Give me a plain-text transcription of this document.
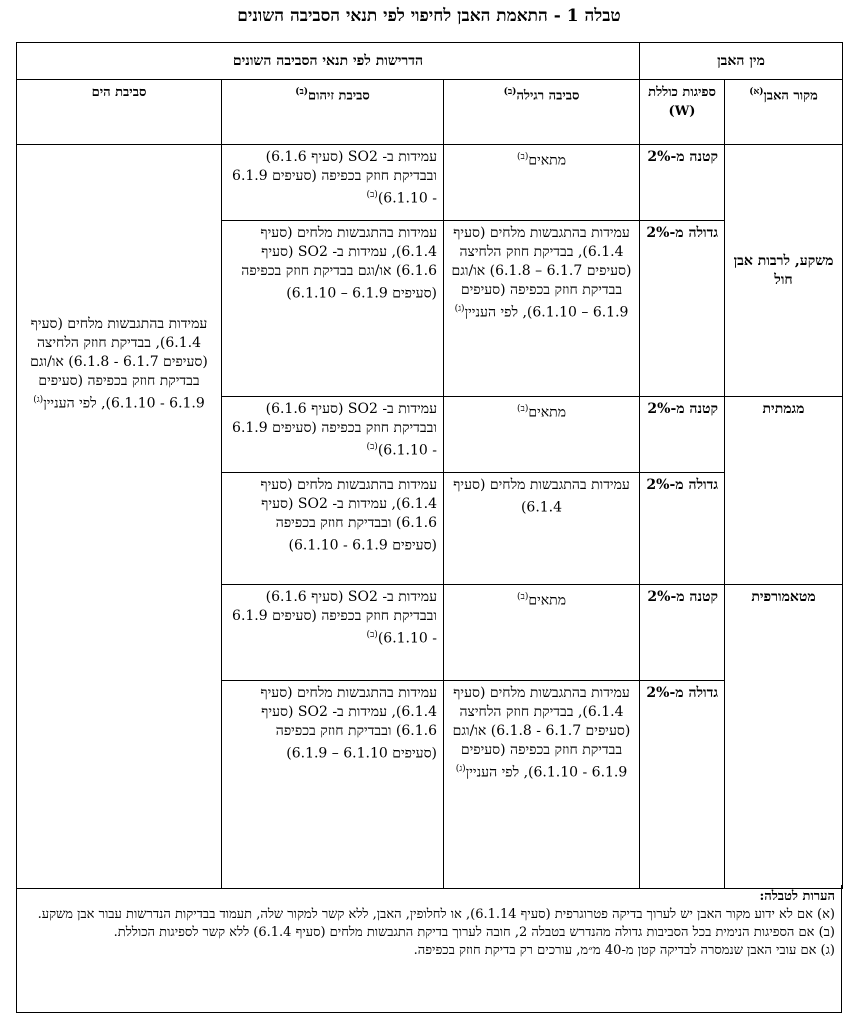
טבלה 1 - התאמת האבן לחיפוי לפי תנאי הסביבה השונים
מין האבן		הדרישות לפי תנאי הסביבה השונים		
מקור האבן$^{(א)}$	ספיגות כוללת (W)	סביבה רגילה$^{(ב)}$	סביבת זיהום$^{(ב)}$	סביבת הים
משקע, לרבות אבן חול	קטנה מ-2%	מתאים$^{(ב)}$	עמידות ב- SO2 (סעיף 6.1.6) ובבדיקת חוזק בכפיפה (סעיפים 6.1.9 - 6.1.10)$^{(ב)}$	עמידות בהתגבשות מלחים (סעיף 6.1.4), בבדיקת חוזק הלחיצה (סעיפים 6.1.7 - 6.1.8) או/וגם בבדיקת חוזק בכפיפה (סעיפים 6.1.9 - 6.1.10), לפי העניין$^{(ג)}$
	גדולה מ-2%	עמידות בהתגבשות מלחים (סעיף 6.1.4), בבדיקת חוזק הלחיצה (סעיפים 6.1.7 – 6.1.8) או/וגם בבדיקת חוזק בכפיפה (סעיפים 6.1.9 – 6.1.10), לפי העניין$^{(ג)}$	עמידות בהתגבשות מלחים (סעיף 6.1.4), עמידות ב- SO2 (סעיף 6.1.6) או/וגם בבדיקת חוזק בכפיפה (סעיפים 6.1.9 – 6.1.10)	
מגמתית	קטנה מ-2%	מתאים$^{(ב)}$	עמידות ב- SO2 (סעיף 6.1.6) ובבדיקת חוזק בכפיפה (סעיפים 6.1.9 - 6.1.10)$^{(ב)}$
	גדולה מ-2%	עמידות בהתגבשות מלחים (סעיף 6.1.4)	עמידות בהתגבשות מלחים (סעיף 6.1.4), עמידות ב- SO2 (סעיף 6.1.6) ובבדיקת חוזק בכפיפה (סעיפים 6.1.9 - 6.1.10)	
מטאמורפית	קטנה מ-2%	מתאים$^{(ב)}$	עמידות ב- SO2 (סעיף 6.1.6) ובבדיקת חוזק בכפיפה (סעיפים 6.1.9 - 6.1.10)$^{(ב)}$
	גדולה מ-2%	עמידות בהתגבשות מלחים (סעיף 6.1.4), בבדיקת חוזק הלחיצה (סעיפים 6.1.7 - 6.1.8) או/וגם בבדיקת חוזק בכפיפה (סעיפים 6.1.9 - 6.1.10), לפי העניין$^{(ג)}$	עמידות בהתגבשות מלחים (סעיף 6.1.4), עמידות ב- SO2 (סעיף 6.1.6) ובבדיקת חוזק בכפיפה (סעיפים 6.1.10 – 6.1.9)	
הערות לטבלה:
(א) אם לא ידוע מקור האבן יש לערוך בדיקה פטרוגרפית (סעיף 6.1.14), או לחלופין, האבן, ללא קשר למקור שלה, תעמוד בבדיקות הנדרשות עבור אבן משקע.
(ב) אם הספיגות הנימית בכל הסביבות גדולה מהנדרש בטבלה 2, חובה לערוך בדיקת התגבשות מלחים (סעיף 6.1.4) ללא קשר לספיגות הכוללת.
(ג) אם עובי האבן שנמסרה לבדיקה קטן מ-40 מ״מ, עורכים רק בדיקת חוזק בכפיפה.
